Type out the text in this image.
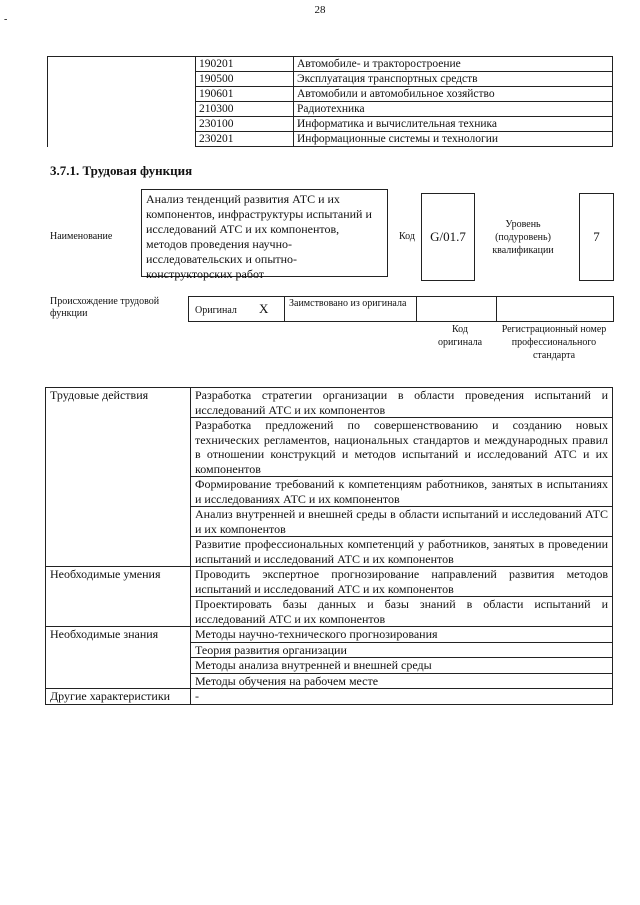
28
-
	190201	Автомобиле- и тракторостроение
	190500	Эксплуатация транспортных средств
	190601	Автомобили и автомобильное хозяйство
	210300	Радиотехника
	230100	Информатика и вычислительная техника
	230201	Информационные системы и технологии
3.7.1. Трудовая функция
Наименование
Анализ тенденций развития АТС и их компонентов, инфраструктуры испытаний и исследований АТС и их компонентов, методов проведения научно-исследовательских и опытно-конструкторских работ
Код	G/01.7
Уровень (подуровень) квалификации
7
Происхождение трудовой функции	Оригинал X Заимствовано из оригинала
Код оригинала
Регистрационный номер профессионального стандарта
Трудовые действия	Разработка стратегии организации в области проведения испытаний и исследований АТС и их компонентов
	Разработка предложений по совершенствованию и созданию новых технических регламентов, национальных стандартов и международных правил в отношении конструкций и методов испытаний и исследований АТС и их компонентов
	Формирование требований к компетенциям работников, занятых в испытаниях и исследованиях АТС и их компонентов
	Анализ внутренней и внешней среды в области испытаний и исследований АТС и их компонентов
	Развитие профессиональных компетенций у работников, занятых в проведении испытаний и исследований АТС и их компонентов
Необходимые умения	Проводить экспертное прогнозирование направлений развития методов испытаний и исследований АТС и их компонентов
	Проектировать базы данных и базы знаний в области испытаний и исследований АТС и их компонентов
Необходимые знания	Методы научно-технического прогнозирования
	Теория развития организации
	Методы анализа внутренней и внешней среды
	Методы обучения на рабочем месте
Другие характеристики	-
